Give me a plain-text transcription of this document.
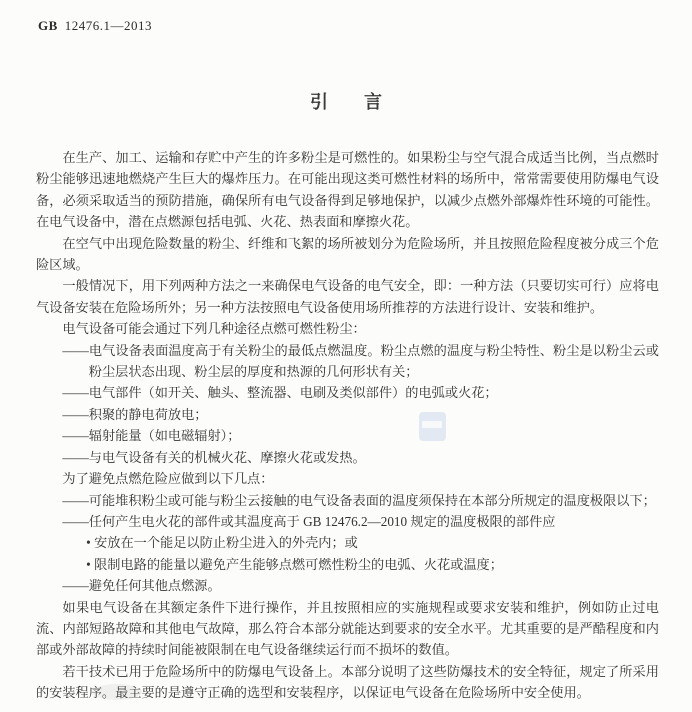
GB 12476.1—2013
引　　言

在生产、加工、运输和存贮中产生的许多粉尘是可燃性的。如果粉尘与空气混合成适当比例，当点燃时粉尘能够迅速地燃烧产生巨大的爆炸压力。在可能出现这类可燃性材料的场所中，常常需要使用防爆电气设备，必须采取适当的预防措施，确保所有电气设备得到足够地保护，以减少点燃外部爆炸性环境的可能性。在电气设备中，潜在点燃源包括电弧、火花、热表面和摩擦火花。

在空气中出现危险数量的粉尘、纤维和飞絮的场所被划分为危险场所，并且按照危险程度被分成三个危险区域。

一般情况下，用下列两种方法之一来确保电气设备的电气安全，即：一种方法（只要切实可行）应将电气设备安装在危险场所外；另一种方法按照电气设备使用场所推荐的方法进行设计、安装和维护。

电气设备可能会通过下列几种途径点燃可燃性粉尘：

——电气设备表面温度高于有关粉尘的最低点燃温度。粉尘点燃的温度与粉尘特性、粉尘是以粉尘云或粉尘层状态出现、粉尘层的厚度和热源的几何形状有关；

——电气部件（如开关、触头、整流器、电刷及类似部件）的电弧或火花；

——积聚的静电荷放电；

——辐射能量（如电磁辐射）；

——与电气设备有关的机械火花、摩擦火花或发热。

为了避免点燃危险应做到以下几点：

——可能堆积粉尘或可能与粉尘云接触的电气设备表面的温度须保持在本部分所规定的温度极限以下；

——任何产生电火花的部件或其温度高于 GB 12476.2—2010 规定的温度极限的部件应

• 安放在一个能足以防止粉尘进入的外壳内；或

• 限制电路的能量以避免产生能够点燃可燃性粉尘的电弧、火花或温度；

——避免任何其他点燃源。

如果电气设备在其额定条件下进行操作，并且按照相应的实施规程或要求安装和维护，例如防止过电流、内部短路故障和其他电气故障，那么符合本部分就能达到要求的安全水平。尤其重要的是严酷程度和内部或外部故障的持续时间能被限制在电气设备继续运行而不损坏的数值。

若干技术已用于危险场所中的防爆电气设备上。本部分说明了这些防爆技术的安全特征，规定了所采用的安装程序。最主要的是遵守正确的选型和安装程序，以保证电气设备在危险场所中安全使用。
